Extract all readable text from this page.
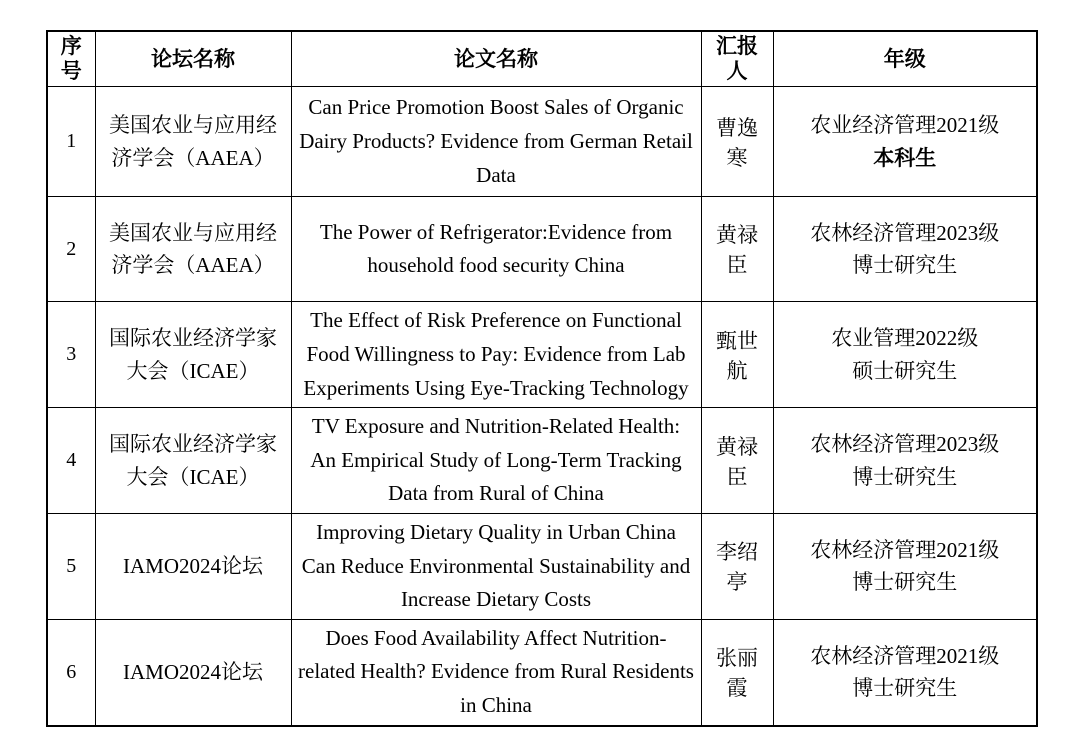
序号	论坛名称	论文名称	汇报人	年级
1	美国农业与应用经济学会（AAEA）	Can Price Promotion Boost Sales of Organic Dairy Products? Evidence from German Retail Data	曹逸寒	农业经济管理2021级
本科生

2	美国农业与应用经济学会（AAEA）	The Power of Refrigerator:Evidence from household food security China	黄禄臣	农林经济管理2023级
博士研究生

3	国际农业经济学家大会（ICAE）	The Effect of Risk Preference on Functional Food Willingness to Pay: Evidence from Lab Experiments Using Eye-Tracking Technology	甄世航	农业管理2022级
硕士研究生

4	国际农业经济学家大会（ICAE）	TV Exposure and Nutrition-Related Health: An Empirical Study of Long-Term Tracking Data from Rural of China	黄禄臣	农林经济管理2023级
博士研究生

5	IAMO2024论坛	Improving Dietary Quality in Urban China Can Reduce Environmental Sustainability and Increase Dietary Costs	李绍亭	农林经济管理2021级
博士研究生

6	IAMO2024论坛	Does Food Availability Affect Nutrition-related Health? Evidence from Rural Residents in China	张丽霞	农林经济管理2021级
博士研究生
